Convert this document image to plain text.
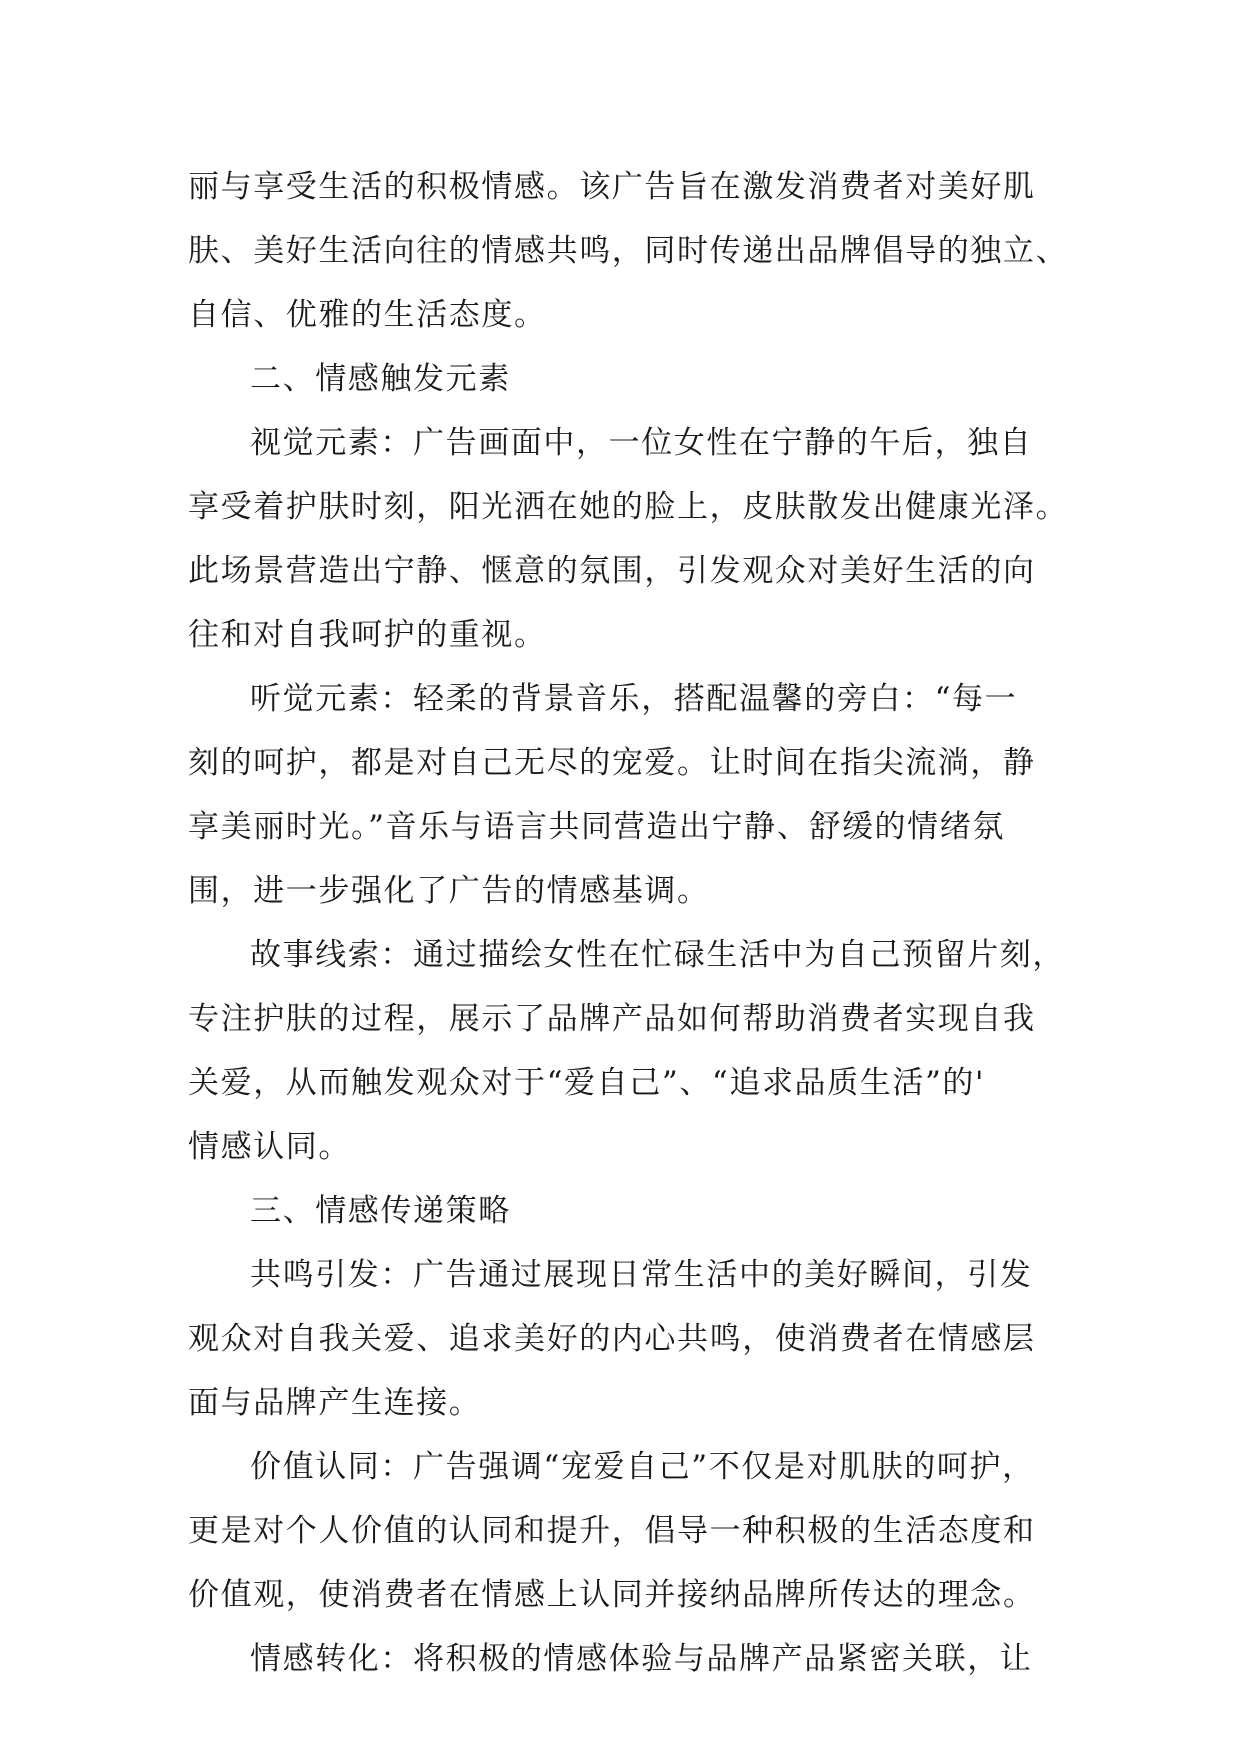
丽与享受生活的积极情感。该广告旨在激发消费者对美好肌
肤、美好生活向往的情感共鸣，同时传递出品牌倡导的独立、
自信、优雅的生活态度。
二、情感触发元素
视觉元素：广告画面中，一位女性在宁静的午后，独自
享受着护肤时刻，阳光洒在她的脸上，皮肤散发出健康光泽。
此场景营造出宁静、惬意的氛围，引发观众对美好生活的向
往和对自我呵护的重视。
听觉元素：轻柔的背景音乐，搭配温馨的旁白：“每一
刻的呵护，都是对自己无尽的宠爱。让时间在指尖流淌，静
享美丽时光。”音乐与语言共同营造出宁静、舒缓的情绪氛
围，进一步强化了广告的情感基调。
故事线索：通过描绘女性在忙碌生活中为自己预留片刻，
专注护肤的过程，展示了品牌产品如何帮助消费者实现自我
关爱，从而触发观众对于“爱自己”、“追求品质生活”的'
情感认同。
三、情感传递策略
共鸣引发：广告通过展现日常生活中的美好瞬间，引发
观众对自我关爱、追求美好的内心共鸣，使消费者在情感层
面与品牌产生连接。
价值认同：广告强调“宠爱自己”不仅是对肌肤的呵护，
更是对个人价值的认同和提升，倡导一种积极的生活态度和
价值观，使消费者在情感上认同并接纳品牌所传达的理念。
情感转化：将积极的情感体验与品牌产品紧密关联，让
